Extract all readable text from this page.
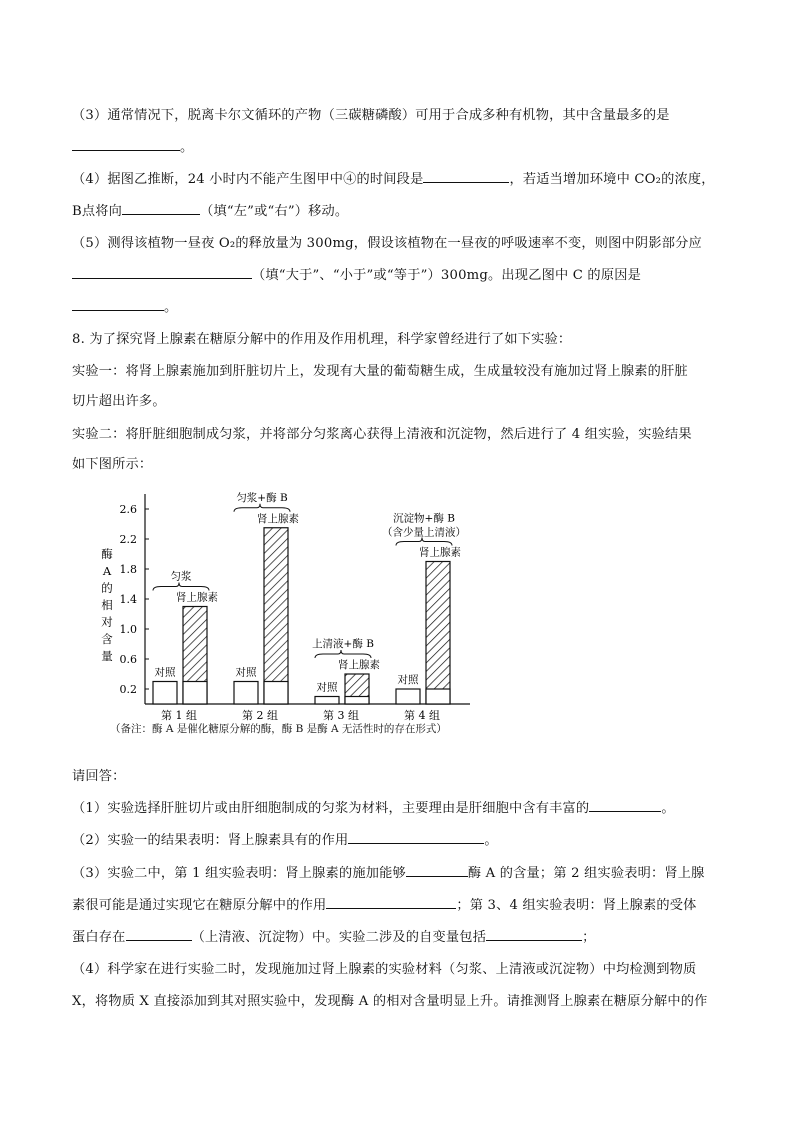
（3）通常情况下，脱离卡尔文循环的产物（三碳糖磷酸）可用于合成多种有机物，其中含量最多的是
。
（4）据图乙推断，24 小时内不能产生图甲中④的时间段是	，若适当增加环境中 CO₂的浓度，
B点将向	（填“左”或“右”）移动。
（5）测得该植物一昼夜 O₂的释放量为 300mg，假设该植物在一昼夜的呼吸速率不变，则图中阴影部分应
（填“大于”、“小于”或“等于”）300mg。出现乙图中 C 的原因是
。
8. 为了探究肾上腺素在糖原分解中的作用及作用机理，科学家曾经进行了如下实验：
实验一：将肾上腺素施加到肝脏切片上，发现有大量的葡萄糖生成，生成量较没有施加过肾上腺素的肝脏
切片超出许多。
实验二：将肝脏细胞制成匀浆，并将部分匀浆离心获得上清液和沉淀物，然后进行了 4 组实验，实验结果
如下图所示：
0.2
0.6
1.0
1.4
1.8
2.2
2.6
酶
A
的
相
对
含
量
对照
肾上腺素
匀浆
第 1 组
对照
肾上腺素
匀浆+酶 B
第 2 组
对照
肾上腺素
上清液+酶 B
第 3 组
对照
肾上腺素
沉淀物+酶 B
（含少量上清液）
第 4 组
（备注：酶 A 是催化糖原分解的酶，酶 B 是酶 A 无活性时的存在形式）
请回答：
（1）实验选择肝脏切片或由肝细胞制成的匀浆为材料，主要理由是肝细胞中含有丰富的	。
（2）实验一的结果表明：肾上腺素具有的作用	。
（3）实验二中，第 1 组实验表明：肾上腺素的施加能够	酶 A 的含量；第 2 组实验表明：肾上腺
素很可能是通过实现它在糖原分解中的作用	；第 3、4 组实验表明：肾上腺素的受体
蛋白存在	（上清液、沉淀物）中。实验二涉及的自变量包括	；
（4）科学家在进行实验二时，发现施加过肾上腺素的实验材料（匀浆、上清液或沉淀物）中均检测到物质
X，将物质 X 直接添加到其对照实验中，发现酶 A 的相对含量明显上升。请推测肾上腺素在糖原分解中的作
